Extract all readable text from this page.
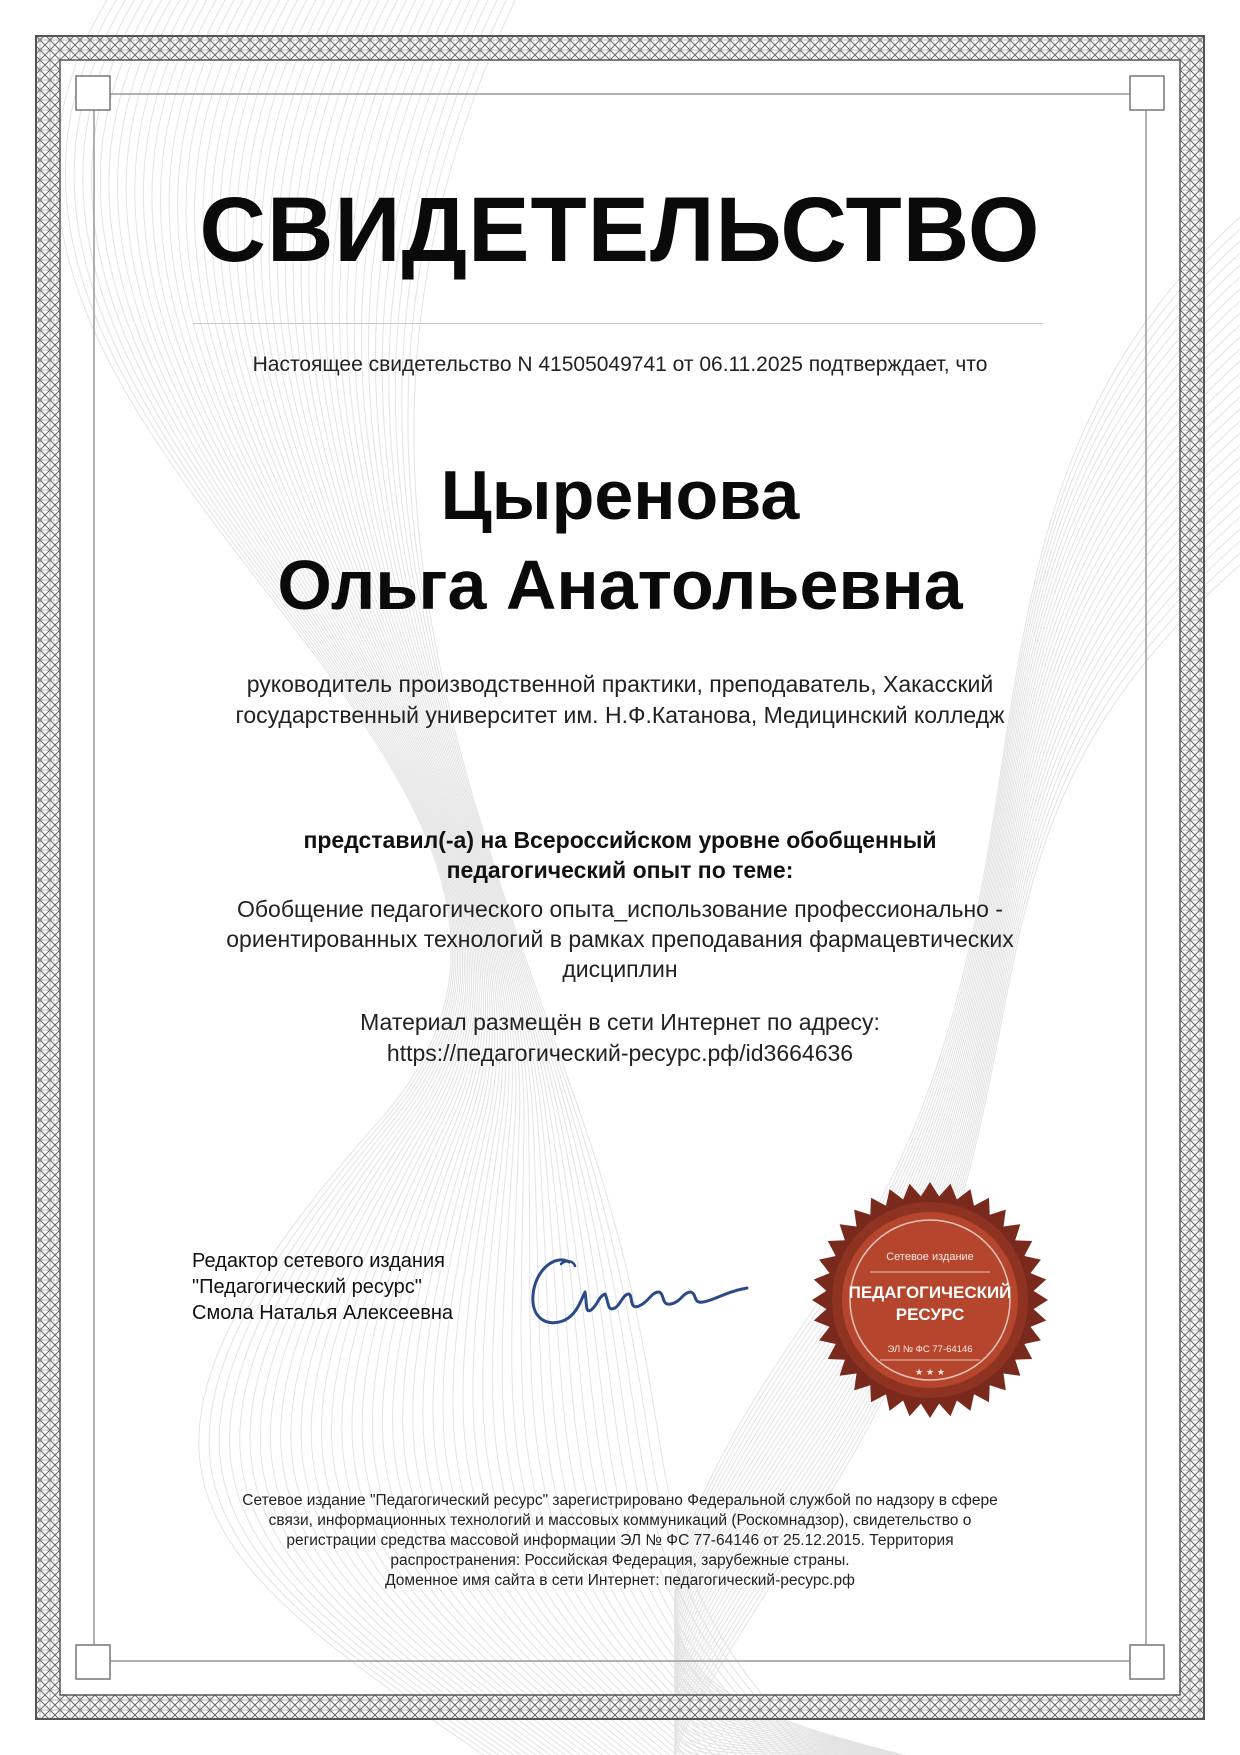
СВИДЕТЕЛЬСТВО
Настоящее свидетельство N 41505049741 от 06.11.2025 подтверждает, что
Цыренова
Ольга Анатольевна
руководитель производственной практики, преподаватель, Хакасский
государственный университет им. Н.Ф.Катанова, Медицинский колледж
представил(-а) на Всероссийском уровне обобщенный
педагогический опыт по теме:
Обобщение педагогического опыта_использование профессионально -
ориентированных технологий в рамках преподавания фармацевтических
дисциплин
Материал размещён в сети Интернет по адресу:
https://педагогический-ресурс.рф/id3664636
Редактор сетевого издания
"Педагогический ресурс"
Смола Наталья Алексеевна
Сетевое издание
ПЕДАГОГИЧЕСКИЙ
РЕСУРС
ЭЛ № ФС 77-64146
★ ★ ★
Сетевое издание "Педагогический ресурс" зарегистрировано Федеральной службой по надзору в сфере
связи, информационных технологий и массовых коммуникаций (Роскомнадзор), свидетельство о
регистрации средства массовой информации ЭЛ № ФС 77-64146 от 25.12.2015. Территория
распространения: Российская Федерация, зарубежные страны.
Доменное имя сайта в сети Интернет: педагогический-ресурс.рф
